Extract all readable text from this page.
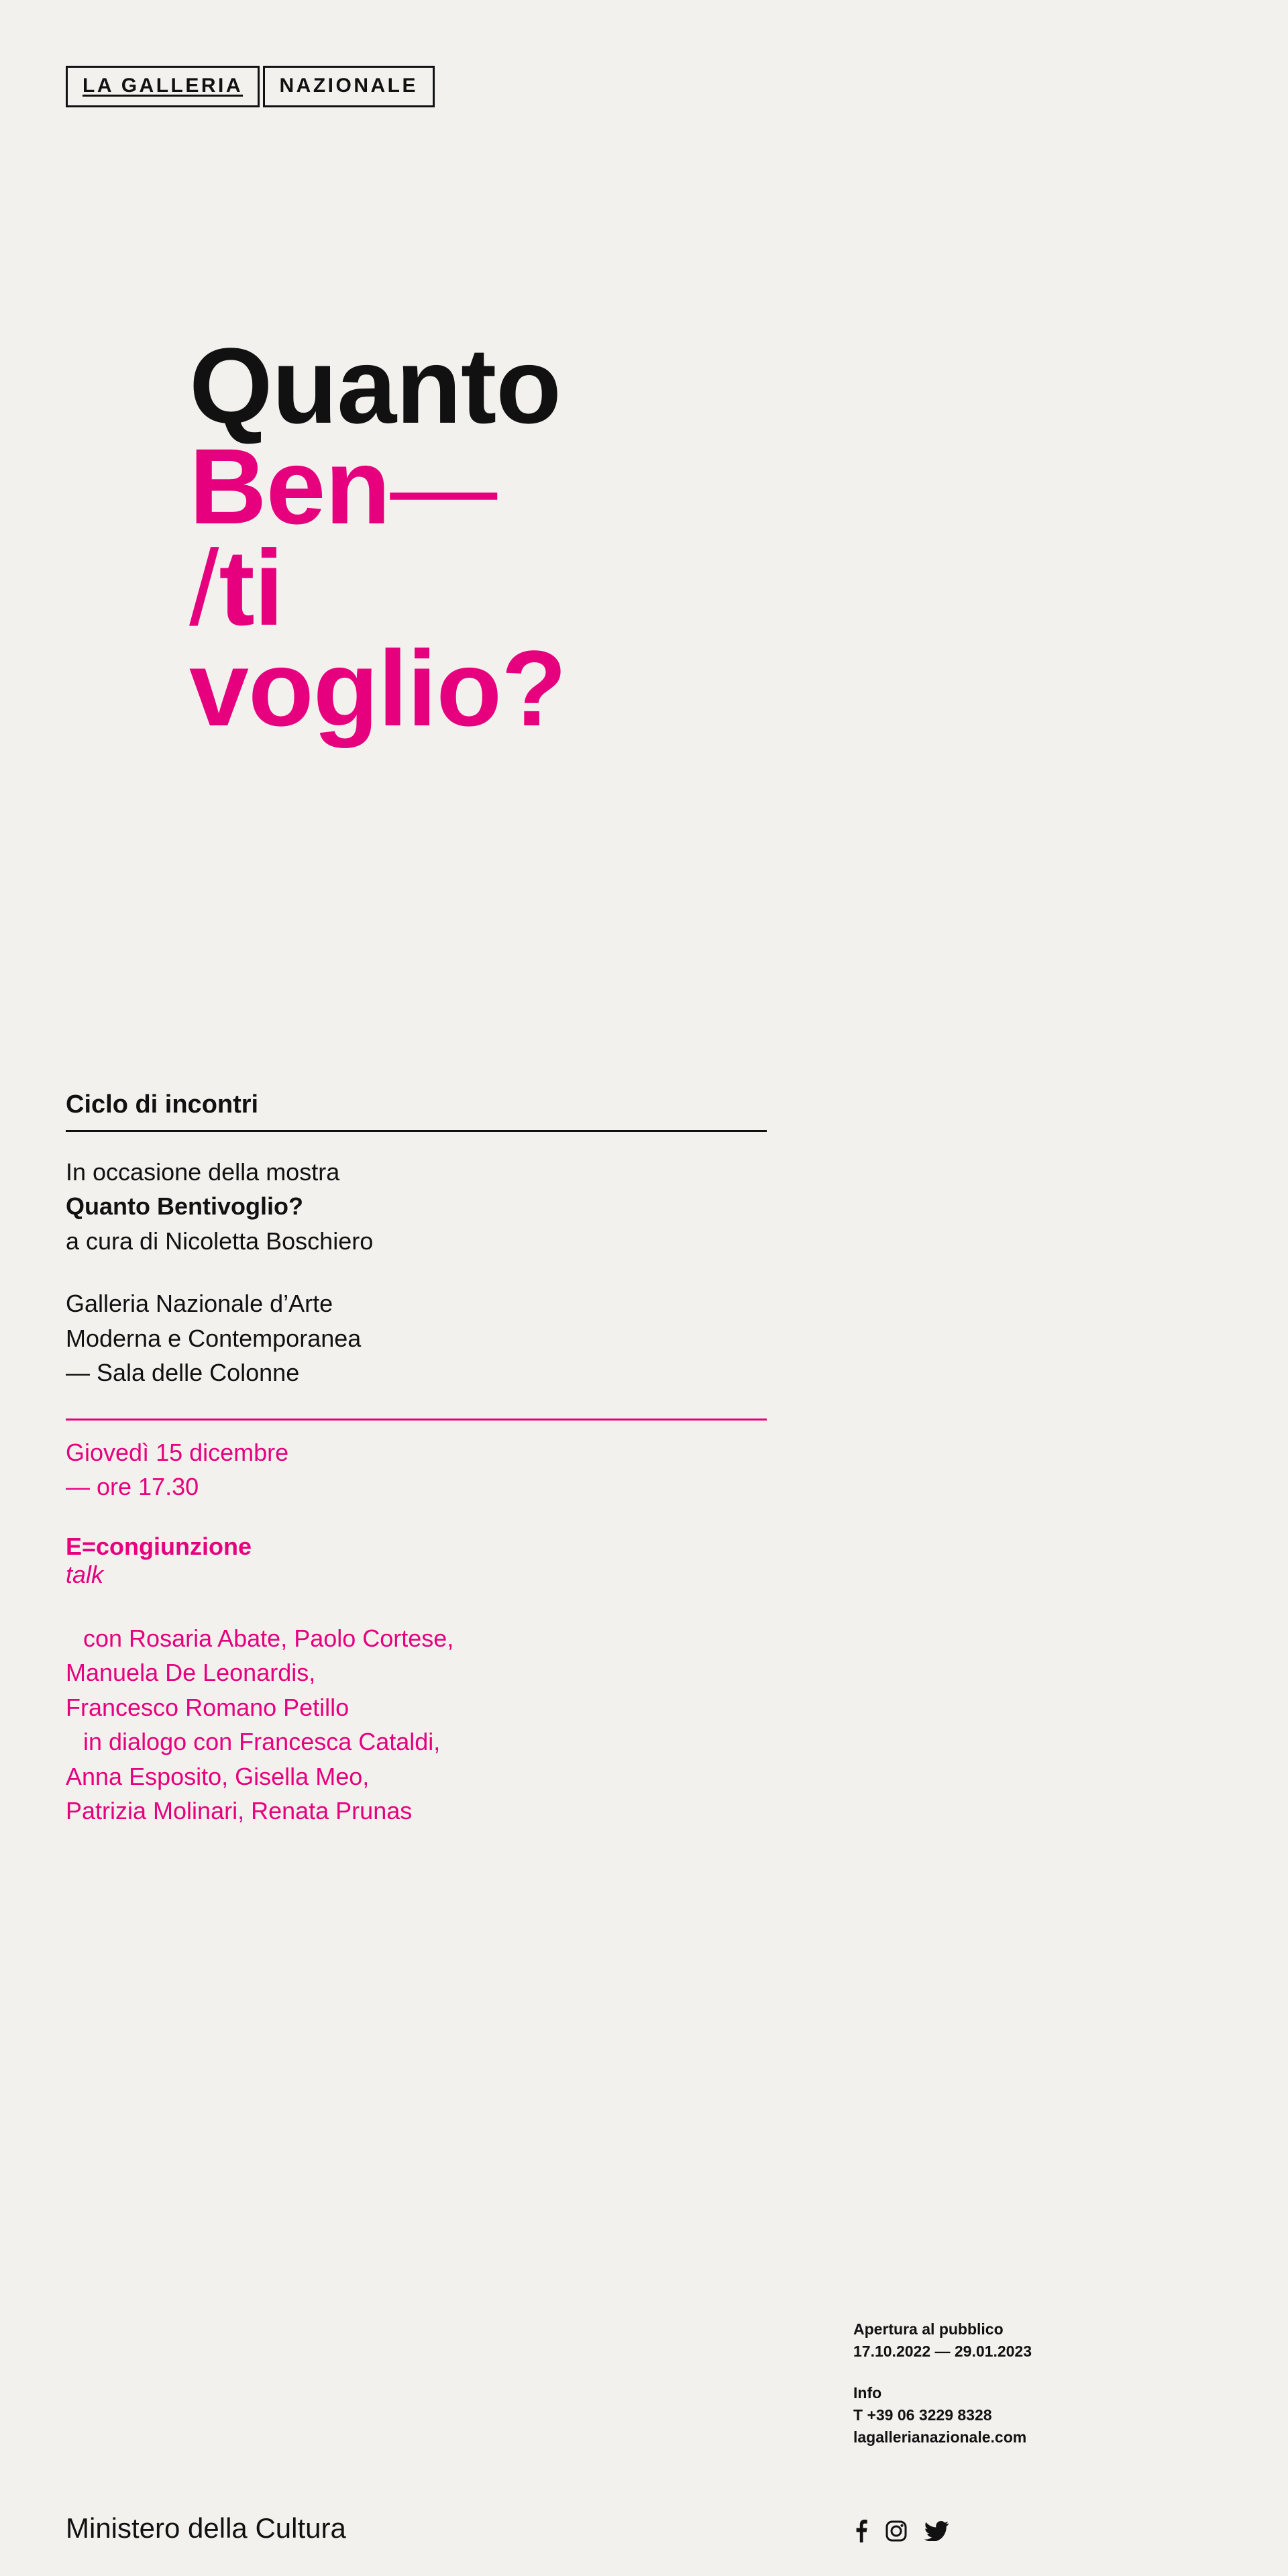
LA GALLERIA NAZIONALE
Quanto
Ben—
/ti
voglio?
Ciclo di incontri

In occasione della mostra
Quanto Bentivoglio?
a cura di Nicoletta Boschiero

Galleria Nazionale d’Arte
Moderna e Contemporanea
— Sala delle Colonne

Giovedì 15 dicembre
— ore 17.30

E=congiunzione

talk

con Rosaria Abate, Paolo Cortese,
Manuela De Leonardis,
Francesco Romano Petillo
in dialogo con Francesca Cataldi,
Anna Esposito, Gisella Meo,
Patrizia Molinari, Renata Prunas

Ministero della Cultura
Apertura al pubblico
17.10.2022 — 29.01.2023
Info
T +39 06 3229 8328
lagallerianazionale.com
